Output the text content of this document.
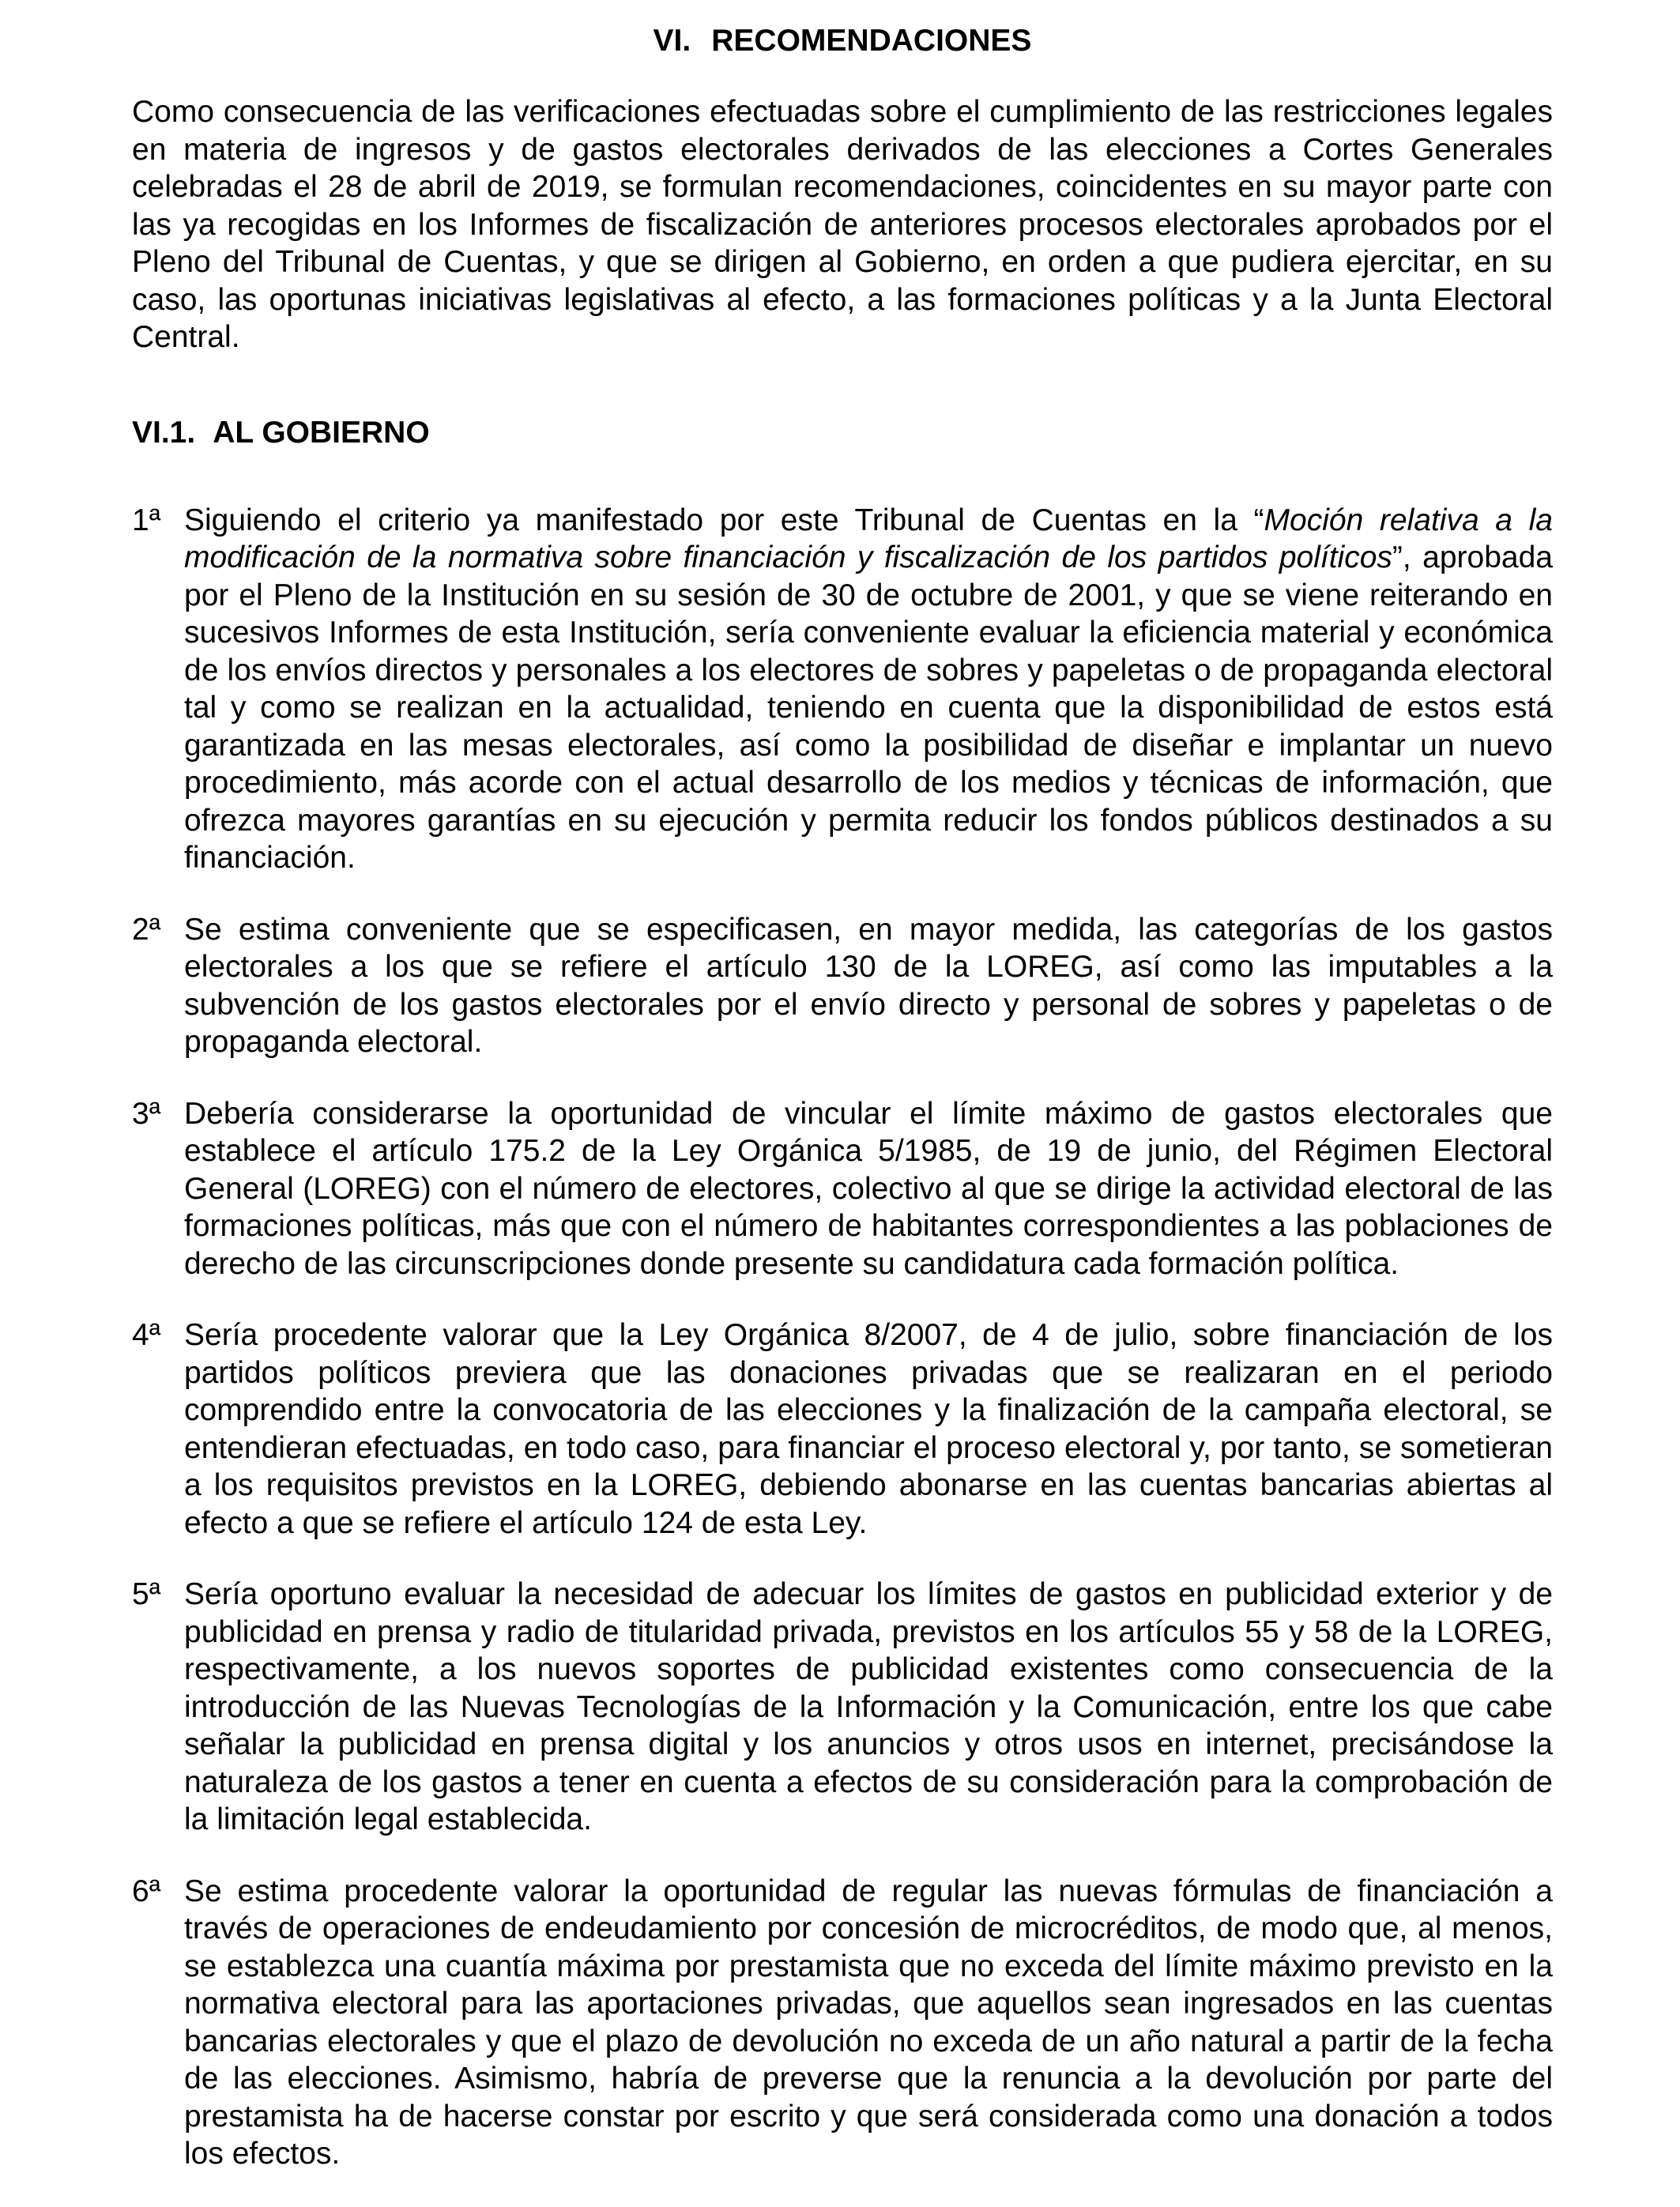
VI. RECOMENDACIONES

Como consecuencia de las verificaciones efectuadas sobre el cumplimiento de las restricciones legales en materia de ingresos y de gastos electorales derivados de las elecciones a Cortes Generales celebradas el 28 de abril de 2019, se formulan recomendaciones, coincidentes en su mayor parte con las ya recogidas en los Informes de fiscalización de anteriores procesos electorales aprobados por el Pleno del Tribunal de Cuentas, y que se dirigen al Gobierno, en orden a que pudiera ejercitar, en su caso, las oportunas iniciativas legislativas al efecto, a las formaciones políticas y a la Junta Electoral Central.

VI.1. AL GOBIERNO
1ª Siguiendo el criterio ya manifestado por este Tribunal de Cuentas en la “Moción relativa a la modificación de la normativa sobre financiación y fiscalización de los partidos políticos”, aprobada por el Pleno de la Institución en su sesión de 30 de octubre de 2001, y que se viene reiterando en sucesivos Informes de esta Institución, sería conveniente evaluar la eficiencia material y económica de los envíos directos y personales a los electores de sobres y papeletas o de propaganda electoral tal y como se realizan en la actualidad, teniendo en cuenta que la disponibilidad de estos está garantizada en las mesas electorales, así como la posibilidad de diseñar e implantar un nuevo procedimiento, más acorde con el actual desarrollo de los medios y técnicas de información, que ofrezca mayores garantías en su ejecución y permita reducir los fondos públicos destinados a su financiación.

2ª Se estima conveniente que se especificasen, en mayor medida, las categorías de los gastos electorales a los que se refiere el artículo 130 de la LOREG, así como las imputables a la subvención de los gastos electorales por el envío directo y personal de sobres y papeletas o de propaganda electoral.

3ª Debería considerarse la oportunidad de vincular el límite máximo de gastos electorales que establece el artículo 175.2 de la Ley Orgánica 5/1985, de 19 de junio, del Régimen Electoral General (LOREG) con el número de electores, colectivo al que se dirige la actividad electoral de las formaciones políticas, más que con el número de habitantes correspondientes a las poblaciones de derecho de las circunscripciones donde presente su candidatura cada formación política.

4ª Sería procedente valorar que la Ley Orgánica 8/2007, de 4 de julio, sobre financiación de los partidos políticos previera que las donaciones privadas que se realizaran en el periodo comprendido entre la convocatoria de las elecciones y la finalización de la campaña electoral, se entendieran efectuadas, en todo caso, para financiar el proceso electoral y, por tanto, se sometieran a los requisitos previstos en la LOREG, debiendo abonarse en las cuentas bancarias abiertas al efecto a que se refiere el artículo 124 de esta Ley.

5ª Sería oportuno evaluar la necesidad de adecuar los límites de gastos en publicidad exterior y de publicidad en prensa y radio de titularidad privada, previstos en los artículos 55 y 58 de la LOREG, respectivamente, a los nuevos soportes de publicidad existentes como consecuencia de la introducción de las Nuevas Tecnologías de la Información y la Comunicación, entre los que cabe señalar la publicidad en prensa digital y los anuncios y otros usos en internet, precisándose la naturaleza de los gastos a tener en cuenta a efectos de su consideración para la comprobación de la limitación legal establecida.

6ª Se estima procedente valorar la oportunidad de regular las nuevas fórmulas de financiación a través de operaciones de endeudamiento por concesión de microcréditos, de modo que, al menos, se establezca una cuantía máxima por prestamista que no exceda del límite máximo previsto en la normativa electoral para las aportaciones privadas, que aquellos sean ingresados en las cuentas bancarias electorales y que el plazo de devolución no exceda de un año natural a partir de la fecha de las elecciones. Asimismo, habría de preverse que la renuncia a la devolución por parte del prestamista ha de hacerse constar por escrito y que será considerada como una donación a todos los efectos.
